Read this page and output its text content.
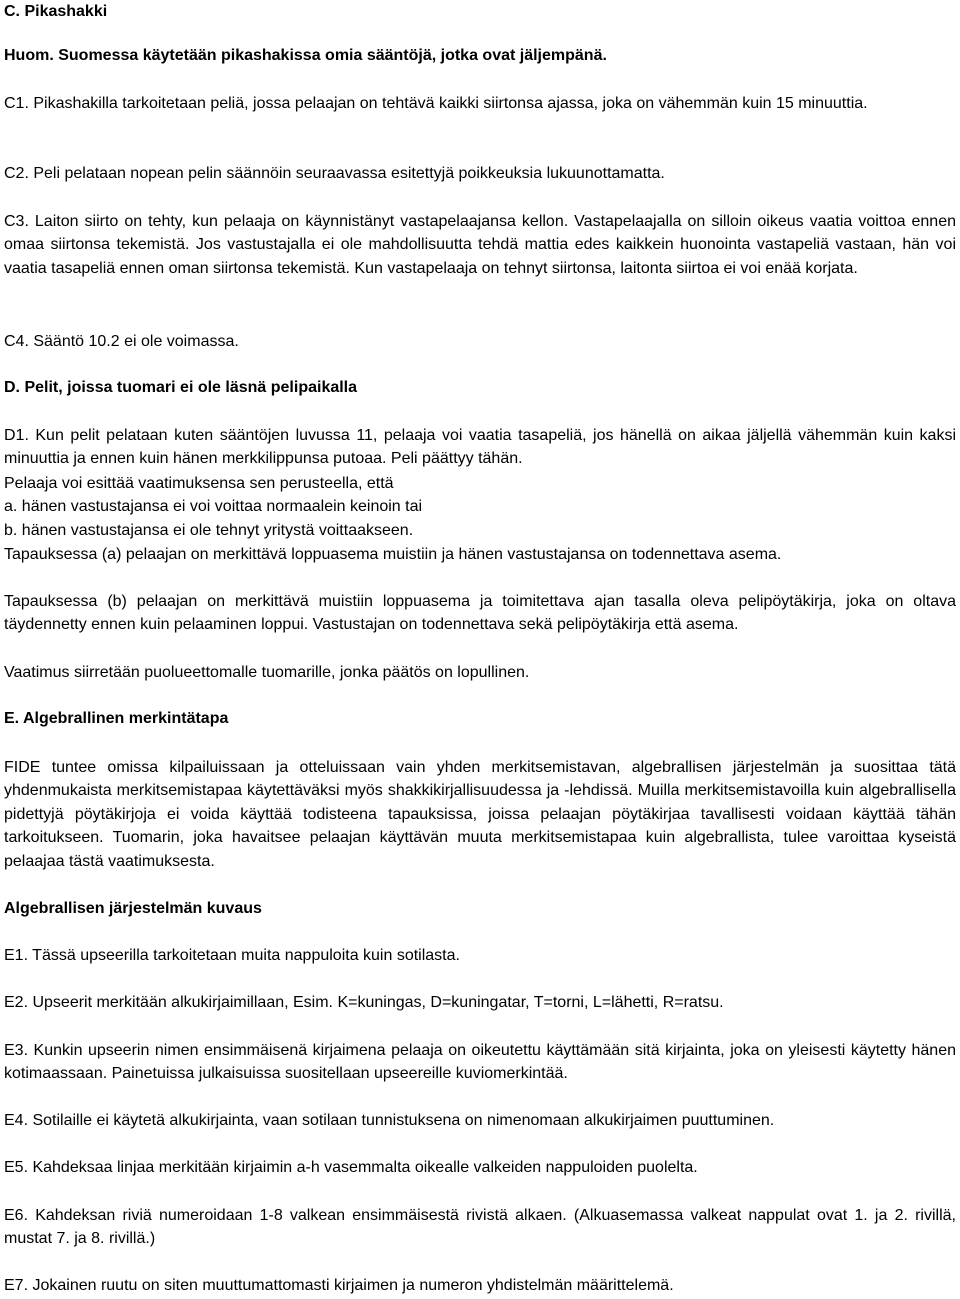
C. Pikashakki

Huom. Suomessa käytetään pikashakissa omia sääntöjä, jotka ovat jäljempänä.

C1. Pikashakilla tarkoitetaan peliä, jossa pelaajan on tehtävä kaikki siirtonsa ajassa, joka on vähemmän kuin 15 minuuttia.

C2. Peli pelataan nopean pelin säännöin seuraavassa esitettyjä poikkeuksia lukuunottamatta.

C3. Laiton siirto on tehty, kun pelaaja on käynnistänyt vastapelaajansa kellon. Vastapelaajalla on silloin oikeus vaatia voittoa ennen omaa siirtonsa tekemistä. Jos vastustajalla ei ole mahdollisuutta tehdä mattia edes kaikkein huonointa vastapeliä vastaan, hän voi vaatia tasapeliä ennen oman siirtonsa tekemistä. Kun vastapelaaja on tehnyt siirtonsa, laitonta siirtoa ei voi enää korjata.

C4. Sääntö 10.2 ei ole voimassa.

D. Pelit, joissa tuomari ei ole läsnä pelipaikalla

D1. Kun pelit pelataan kuten sääntöjen luvussa 11, pelaaja voi vaatia tasapeliä, jos hänellä on aikaa jäljellä vähemmän kuin kaksi minuuttia ja ennen kuin hänen merkkilippunsa putoaa. Peli päättyy tähän.

Pelaaja voi esittää vaatimuksensa sen perusteella, että

a. hänen vastustajansa ei voi voittaa normaalein keinoin tai

b. hänen vastustajansa ei ole tehnyt yritystä voittaakseen.

Tapauksessa (a) pelaajan on merkittävä loppuasema muistiin ja hänen vastustajansa on todennettava asema.

Tapauksessa (b) pelaajan on merkittävä muistiin loppuasema ja toimitettava ajan tasalla oleva pelipöytäkirja, joka on oltava täydennetty ennen kuin pelaaminen loppui. Vastustajan on todennettava sekä pelipöytäkirja että asema.

Vaatimus siirretään puolueettomalle tuomarille, jonka päätös on lopullinen.

E. Algebrallinen merkintätapa

FIDE tuntee omissa kilpailuissaan ja otteluissaan vain yhden merkitsemistavan, algebrallisen järjestelmän ja suosittaa tätä yhdenmukaista merkitsemistapaa käytettäväksi myös shakkikirjallisuudessa ja -lehdissä. Muilla merkitsemistavoilla kuin algebrallisella pidettyjä pöytäkirjoja ei voida käyttää todisteena tapauksissa, joissa pelaajan pöytäkirjaa tavallisesti voidaan käyttää tähän tarkoitukseen. Tuomarin, joka havaitsee pelaajan käyttävän muuta merkitsemistapaa kuin algebrallista, tulee varoittaa kyseistä pelaajaa tästä vaatimuksesta.

Algebrallisen järjestelmän kuvaus

E1. Tässä upseerilla tarkoitetaan muita nappuloita kuin sotilasta.

E2. Upseerit merkitään alkukirjaimillaan, Esim. K=kuningas, D=kuningatar, T=torni, L=lähetti, R=ratsu.

E3. Kunkin upseerin nimen ensimmäisenä kirjaimena pelaaja on oikeutettu käyttämään sitä kirjainta, joka on yleisesti käytetty hänen kotimaassaan. Painetuissa julkaisuissa suositellaan upseereille kuviomerkintää.

E4. Sotilaille ei käytetä alkukirjainta, vaan sotilaan tunnistuksena on nimenomaan alkukirjaimen puuttuminen.

E5. Kahdeksaa linjaa merkitään kirjaimin a-h vasemmalta oikealle valkeiden nappuloiden puolelta.

E6. Kahdeksan riviä numeroidaan 1-8 valkean ensimmäisestä rivistä alkaen. (Alkuasemassa valkeat nappulat ovat 1. ja 2. rivillä, mustat 7. ja 8. rivillä.)

E7. Jokainen ruutu on siten muuttumattomasti kirjaimen ja numeron yhdistelmän määrittelemä.
